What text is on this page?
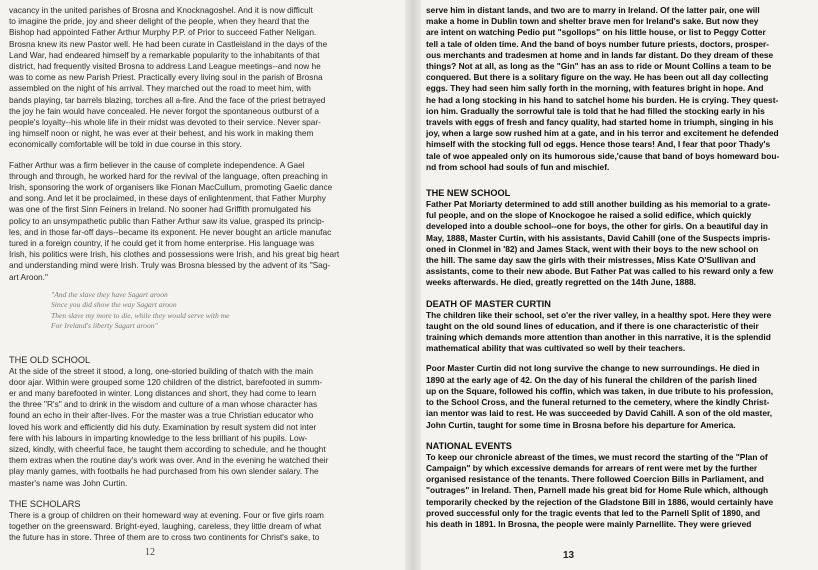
vacancy in the united parishes of Brosna and Knocknagoshel. And it is now difficult
to imagine the pride, joy and sheer delight of the people, when they heard that the
Bishop had appointed Father Arthur Murphy P.P. of Prior to succeed Father Neligan.
Brosna knew its new Pastor well. He had been curate in Castleisland in the days of the
Land War, had endeared himself by a remarkable popularity to the inhabitants of that
district, had frequently visited Brosna to address Land League meetings--and now he
was to come as new Parish Priest. Practically every living soul in the parish of Brosna
assembled on the night of his arrival. They marched out the road to meet him, with
bands playing, tar barrels blazing, torches all a-fire. And the face of the priest betrayed
the joy he fain would have concealed. He never forgot the spontaneous outburst of a
people's loyalty--his whole life in their midst was devoted to their service. Never spar-
ing himself noon or night, he was ever at their behest, and his work in making them
economically comfortable will be told in due course in this story.
Father Arthur was a firm believer in the cause of complete independence. A Gael
through and through, he worked hard for the revival of the language, often preaching in
Irish, sponsoring the work of organisers like Fionan MacCullum, promoting Gaelic dance
and song. And let it be proclaimed, in these days of enlightenment, that Father Murphy
was one of the first Sinn Feiners in Ireland. No sooner had Griffith promulgated his
policy to an unsympathetic public than Father Arthur saw its value, grasped its princip-
les, and in those far-off days--became its exponent. He never bought an article manufac
tured in a foreign country, if he could get it from home enterprise. His language was
Irish, his politics were Irish, his clothes and possessions were Irish, and his great big heart
and understanding mind were Irish. Truly was Brosna blessed by the advent of its "Sag-
art Aroon."
"And the slave they have Sagart aroon
Since you did show the way Sagart aroon
Then slave my more to die, while they would serve with me
For Ireland's liberty Sagart aroon"
THE OLD SCHOOL
At the side of the street it stood, a long, one-storied building of thatch with the main
door ajar. Within were grouped some 120 children of the district, barefooted in summ-
er and many barefooted in winter. Long distances and short, they had come to learn
the three "R's" and to drink in the wisdom and culture of a man whose character has
found an echo in their after-lives. For the master was a true Christian educator who
loved his work and efficiently did his duty. Examination by result system did not inter
fere with his labours in imparting knowledge to the less brilliant of his pupils. Low-
sized, kindly, with cheerful face, he taught them according to schedule, and he thought
them extras when the routine day's work was over. And in the evening he watched their
play manly games, with footballs he had purchased from his own slender salary. The
master's name was John Curtin.
THE SCHOLARS
There is a group of children on their homeward way at evening. Four or five girls roam
together on the greensward. Bright-eyed, laughing, careless, they little dream of what
the future has in store. Three of them are to cross two continents for Christ's sake, to
12
serve him in distant lands, and two are to marry in Ireland. Of the latter pair, one will
make a home in Dublin town and shelter brave men for Ireland's sake. But now they
are intent on watching Pedio put "sgollops" on his little house, or list to Peggy Cotter
tell a tale of olden time. And the band of boys number future priests, doctors, prosper-
ous merchants and tradesmen at home and in lands far distant. Do they dream of these
things? Not at all, as long as the "Gin" has an ass to ride or Mount Collins a team to be
conquered. But there is a solitary figure on the way. He has been out all day collecting
eggs. They had seen him sally forth in the morning, with features bright in hope. And
he had a long stocking in his hand to satchel home his burden. He is crying. They quest-
ion him. Gradually the sorrowful tale is told that he had filled the stocking early in his
travels with eggs of fresh and fancy quality, had started home in triumph, singing in his
joy, when a large sow rushed him at a gate, and in his terror and excitement he defended
himself with the stocking full od eggs. Hence those tears! And, I fear that poor Thady's
tale of woe appealed only on its humorous side,'cause that band of boys homeward bou-
nd from school had souls of fun and mischief.
THE NEW SCHOOL
Father Pat Moriarty determined to add still another building as his memorial to a grate-
ful people, and on the slope of Knockogoe he raised a solid edifice, which quickly
developed into a double school--one for boys, the other for girls. On a beautiful day in
May, 1888, Master Curtin, with his assistants, David Cahill (one of the Suspects impris-
oned in Clonmel in '82) and James Stack, went with their boys to the new school on
the hill. The same day saw the girls with their mistresses, Miss Kate O'Sullivan and
assistants, come to their new abode. But Father Pat was called to his reward only a few
weeks afterwards. He died, greatly regretted on the 14th June, 1888.
DEATH OF MASTER CURTIN
The children like their school, set o'er the river valley, in a healthy spot. Here they were
taught on the old sound lines of education, and if there is one characteristic of their
training which demands more attention than another in this narrative, it is the splendid
mathematical ability that was cultivated so well by their teachers.
Poor Master Curtin did not long survive the change to new surroundings. He died in
1890 at the early age of 42. On the day of his funeral the children of the parish lined
up on the Square, followed his coffin, which was taken, in due tribute to his profession,
to the School Cross, and the funeral returned to the cemetery, where the kindly Christ-
ian mentor was laid to rest. He was succeeded by David Cahill. A son of the old master,
John Curtin, taught for some time in Brosna before his departure for America.
NATIONAL EVENTS
To keep our chronicle abreast of the times, we must record the starting of the "Plan of
Campaign" by which excessive demands for arrears of rent were met by the further
organised resistance of the tenants. There followed Coercion Bills in Parliament, and
"outrages" in Ireland. Then, Parnell made his great bid for Home Rule which, although
temporarily checked by the rejection of the Gladstone Bill in 1886, would certainly have
proved successful only for the tragic events that led to the Parnell Split of 1890, and
his death in 1891. In Brosna, the people were mainly Parnellite. They were grieved
13
